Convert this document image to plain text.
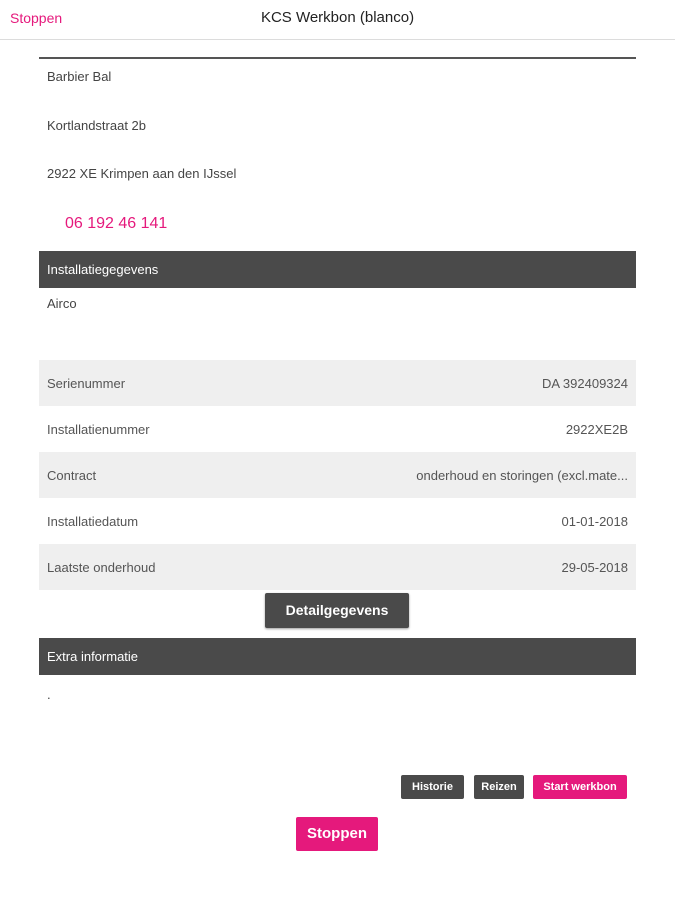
Stoppen	KCS Werkbon (blanco)
Barbier Bal
Kortlandstraat 2b
2922 XE Krimpen aan den IJssel
06 192 46 141
Installatiegegevens
Airco
Serienummer	DA 392409324
Installatienummer	2922XE2B
Contract	onderhoud en storingen (excl.mate...
Installatiedatum	01-01-2018
Laatste onderhoud	29-05-2018
Detailgegevens
Extra informatie
.
Historie	Reizen	Start werkbon
Stoppen
